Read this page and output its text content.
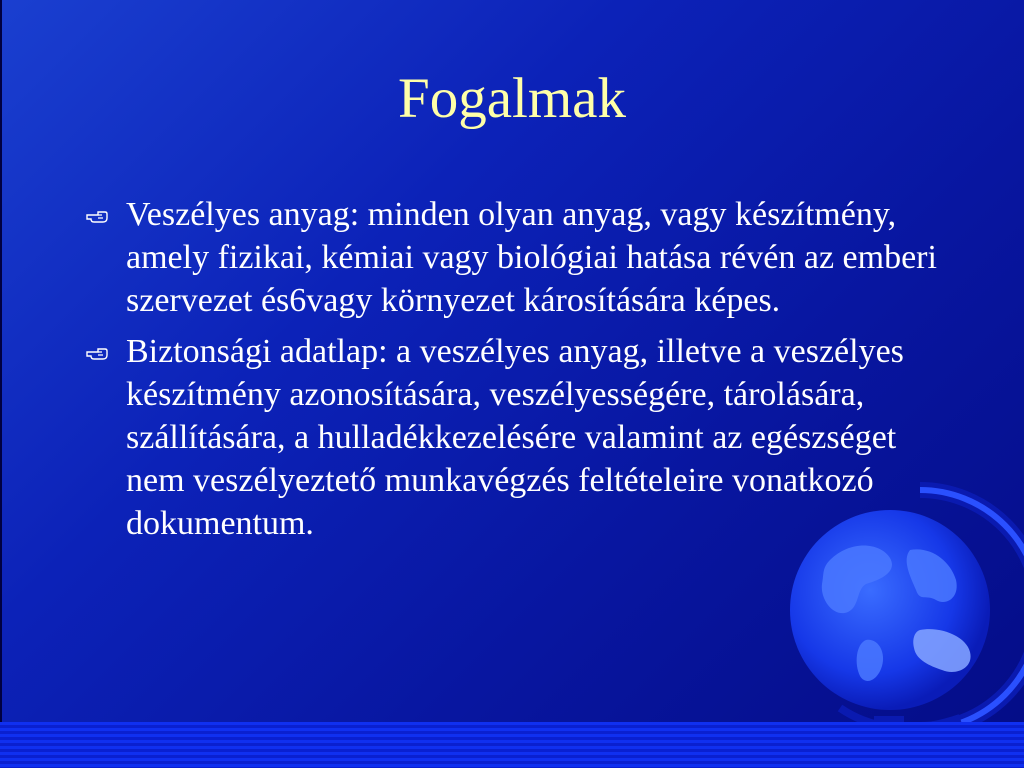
Fogalmak
Veszélyes anyag: minden olyan anyag, vagy készítmény, amely fizikai, kémiai vagy biológiai hatása révén az emberi szervezet és6vagy környezet károsítására képes.
Biztonsági adatlap: a veszélyes anyag, illetve a veszélyes készítmény azonosítására, veszélyességére, tárolására, szállítására, a hulladékkezelésére valamint az egészséget nem veszélyeztető munkavégzés feltételeire vonatkozó dokumentum.
